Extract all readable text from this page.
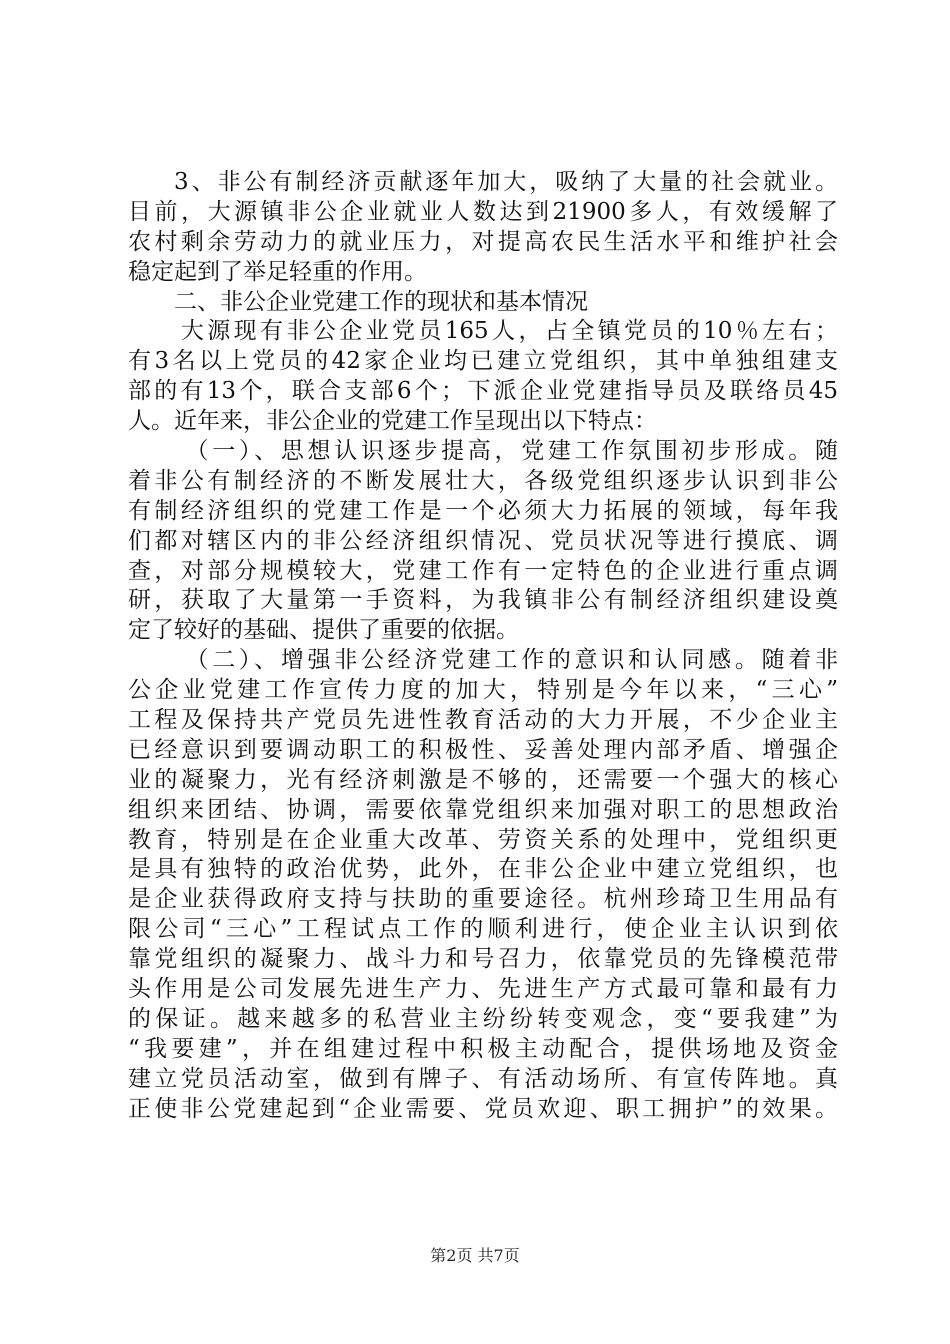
3、非公有制经济贡献逐年加大，吸纳了大量的社会就业。
目前，大源镇非公企业就业人数达到21900多人，有效缓解了
农村剩余劳动力的就业压力，对提高农民生活水平和维护社会
稳定起到了举足轻重的作用。
二、非公企业党建工作的现状和基本情况
大源现有非公企业党员165人，占全镇党员的10％左右；
有3名以上党员的42家企业均已建立党组织，其中单独组建支
部的有13个，联合支部6个；下派企业党建指导员及联络员45
人。近年来，非公企业的党建工作呈现出以下特点：
（一）、思想认识逐步提高，党建工作氛围初步形成。随
着非公有制经济的不断发展壮大，各级党组织逐步认识到非公
有制经济组织的党建工作是一个必须大力拓展的领域，每年我
们都对辖区内的非公经济组织情况、党员状况等进行摸底、调
查，对部分规模较大，党建工作有一定特色的企业进行重点调
研，获取了大量第一手资料，为我镇非公有制经济组织建设奠
定了较好的基础、提供了重要的依据。
（二）、增强非公经济党建工作的意识和认同感。随着非
公企业党建工作宣传力度的加大，特别是今年以来，“三心”
工程及保持共产党员先进性教育活动的大力开展，不少企业主
已经意识到要调动职工的积极性、妥善处理内部矛盾、增强企
业的凝聚力，光有经济刺激是不够的，还需要一个强大的核心
组织来团结、协调，需要依靠党组织来加强对职工的思想政治
教育，特别是在企业重大改革、劳资关系的处理中，党组织更
是具有独特的政治优势，此外，在非公企业中建立党组织，也
是企业获得政府支持与扶助的重要途径。杭州珍琦卫生用品有
限公司“三心”工程试点工作的顺利进行，使企业主认识到依
靠党组织的凝聚力、战斗力和号召力，依靠党员的先锋模范带
头作用是公司发展先进生产力、先进生产方式最可靠和最有力
的保证。越来越多的私营业主纷纷转变观念，变“要我建”为
“我要建”，并在组建过程中积极主动配合，提供场地及资金
建立党员活动室，做到有牌子、有活动场所、有宣传阵地。真
正使非公党建起到“企业需要、党员欢迎、职工拥护”的效果。
第2页 共7页
